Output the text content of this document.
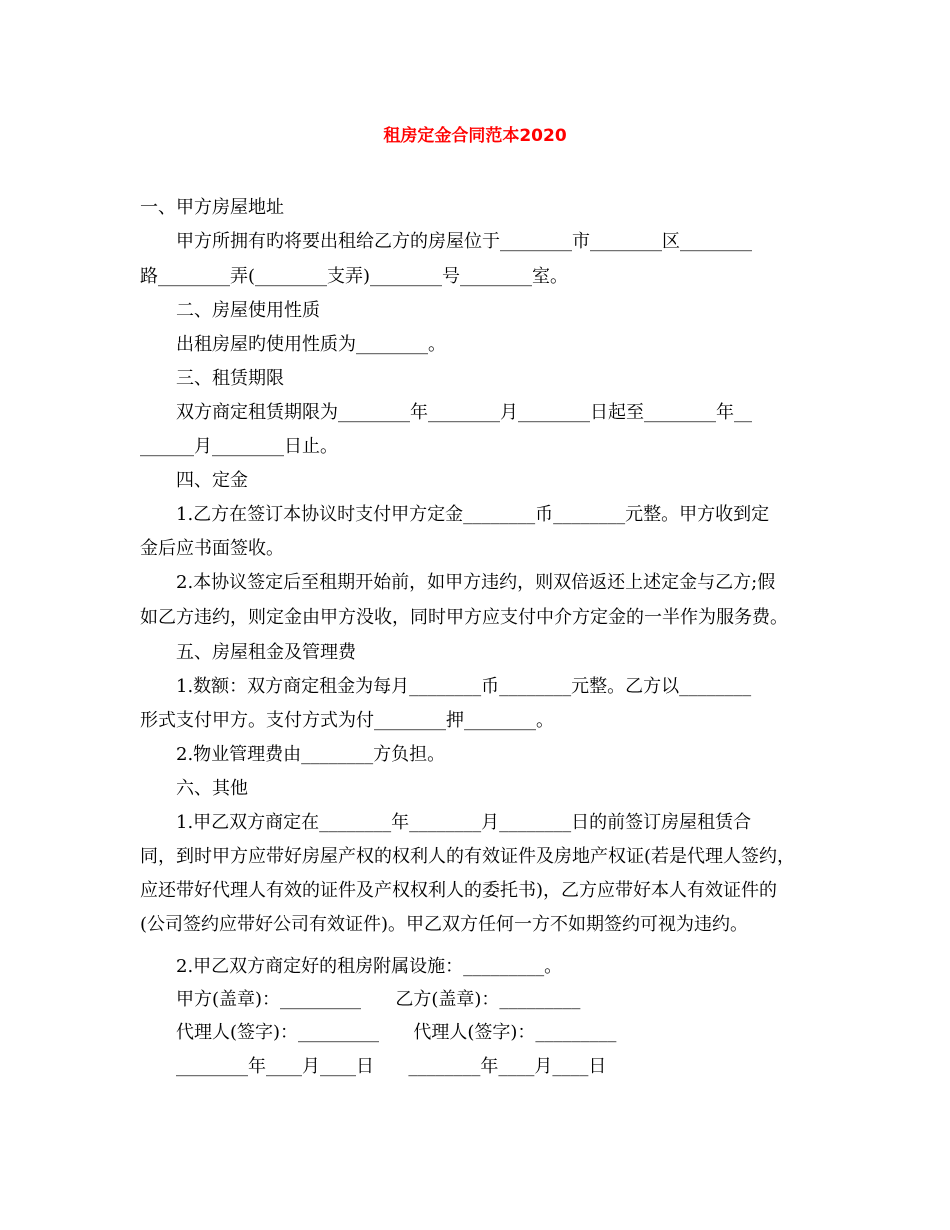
租房定金合同范本2020
一、甲方房屋地址
甲方所拥有旳将要出租给乙方的房屋位于________市________区________
路________弄(________支弄)________号________室。
二、房屋使用性质
出租房屋旳使用性质为________。
三、租赁期限
双方商定租赁期限为________年________月________日起至________年__
______月________日止。
四、定金
1.乙方在签订本协议时支付甲方定金________币________元整。甲方收到定
金后应书面签收。
2.本协议签定后至租期开始前，如甲方违约，则双倍返还上述定金与乙方;假
如乙方违约，则定金由甲方没收，同时甲方应支付中介方定金的一半作为服务费。
五、房屋租金及管理费
1.数额：双方商定租金为每月________币________元整。乙方以________
形式支付甲方。支付方式为付________押________。
2.物业管理费由________方负担。
六、其他
1.甲乙双方商定在________年________月________日的前签订房屋租赁合
同，到时甲方应带好房屋产权的权利人的有效证件及房地产权证(若是代理人签约，
应还带好代理人有效的证件及产权权利人的委托书)，乙方应带好本人有效证件的
(公司签约应带好公司有效证件)。甲乙双方任何一方不如期签约可视为违约。
2.甲乙双方商定好的租房附属设施：_________。
甲方(盖章)：_________      乙方(盖章)：_________
代理人(签字)：_________      代理人(签字)：_________
________年____月____日      ________年____月____日
